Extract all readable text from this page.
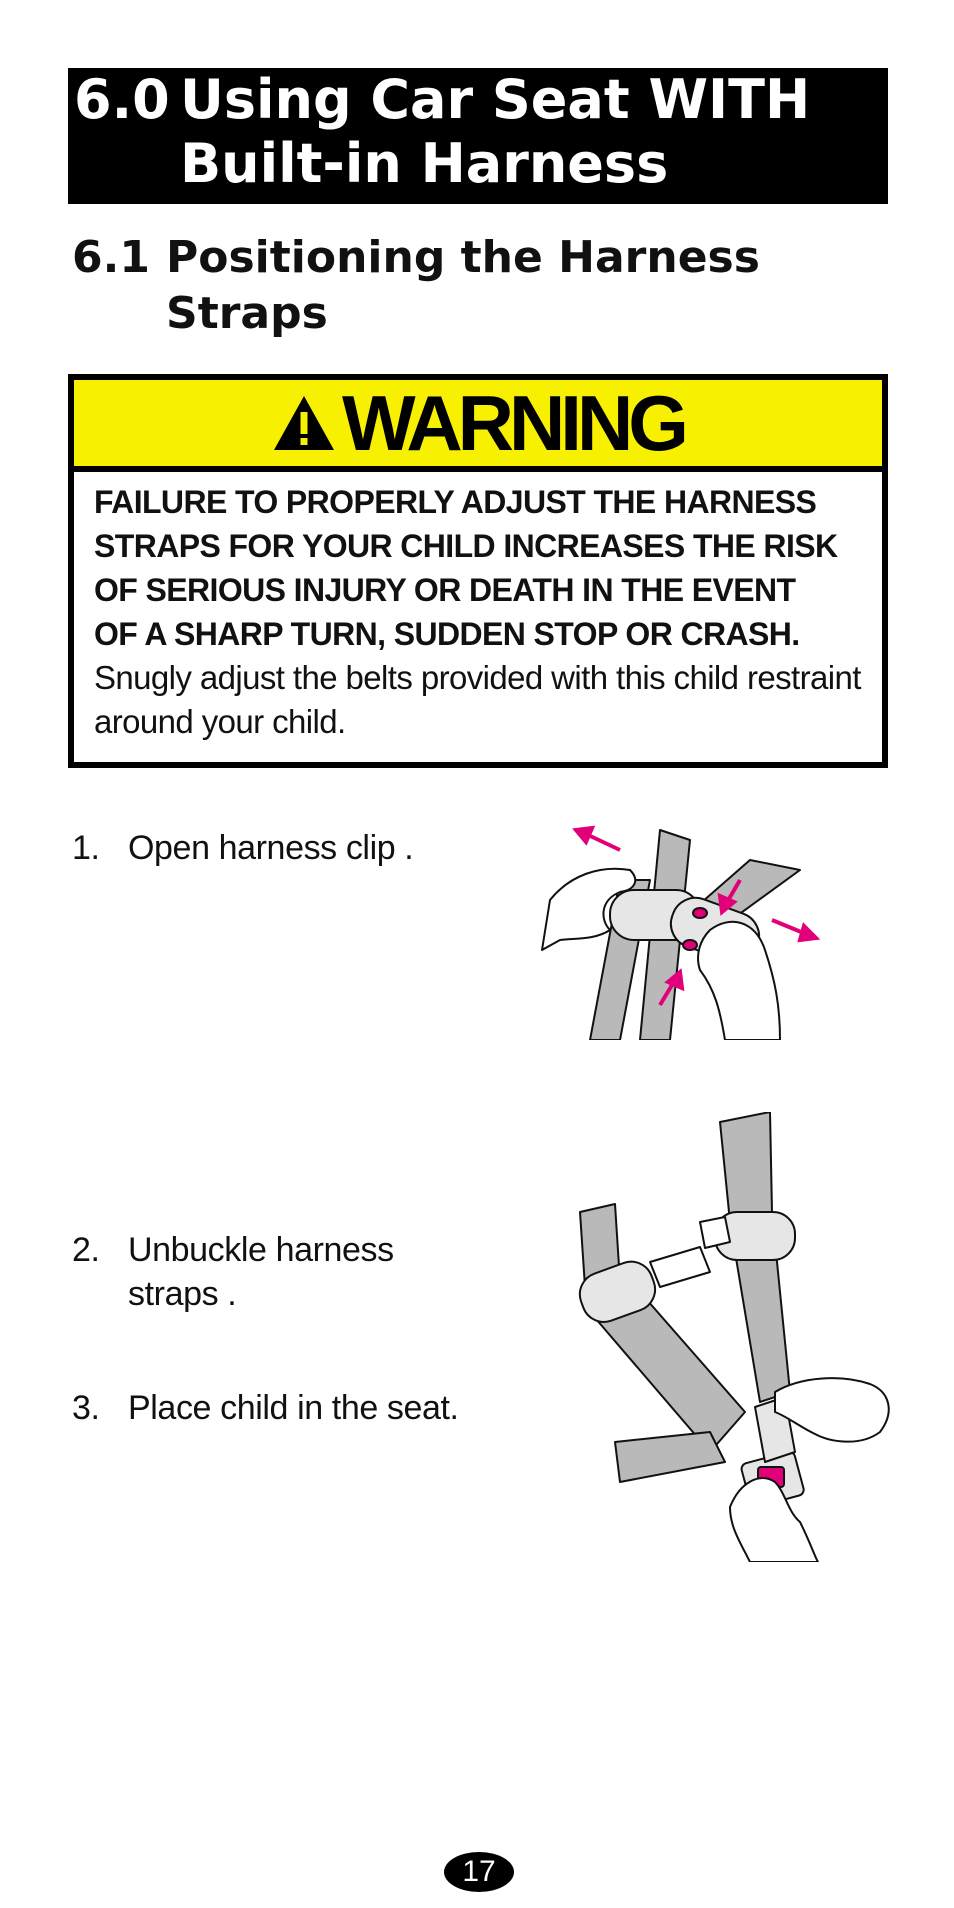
6.0 Using Car Seat WITH
Built-in Harness
6.1 Positioning the Harness
Straps
WARNING
FAILURE TO PROPERLY ADJUST THE HARNESS
STRAPS FOR YOUR CHILD INCREASES THE RISK
OF SERIOUS INJURY OR DEATH IN THE EVENT
OF A SHARP TURN, SUDDEN STOP OR CRASH.
Snugly adjust the belts provided with this child restraint
around your child.
1. Open harness clip .
2. Unbuckle harness
straps .
3. Place child in the seat.
17
